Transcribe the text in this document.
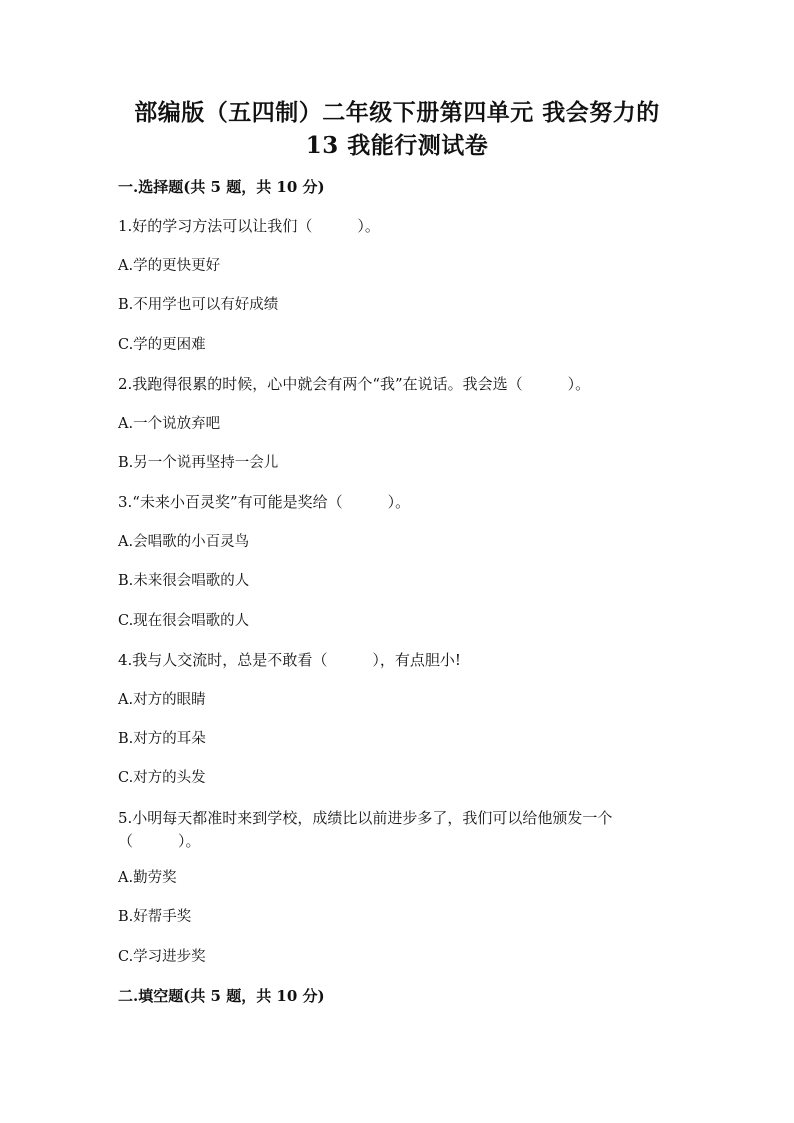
部编版（五四制）二年级下册第四单元 我会努力的
13 我能行测试卷
一.选择题(共 5 题，共 10 分)
1.好的学习方法可以让我们（　　　）。
A.学的更快更好
B.不用学也可以有好成绩
C.学的更困难
2.我跑得很累的时候，心中就会有两个“我”在说话。我会选（　　　）。
A.一个说放弃吧
B.另一个说再坚持一会儿
3.“未来小百灵奖”有可能是奖给（　　　）。
A.会唱歌的小百灵鸟
B.未来很会唱歌的人
C.现在很会唱歌的人
4.我与人交流时，总是不敢看（　　　），有点胆小!
A.对方的眼睛
B.对方的耳朵
C.对方的头发
5.小明每天都准时来到学校，成绩比以前进步多了，我们可以给他颁发一个
（　　　）。
A.勤劳奖
B.好帮手奖
C.学习进步奖
二.填空题(共 5 题，共 10 分)
